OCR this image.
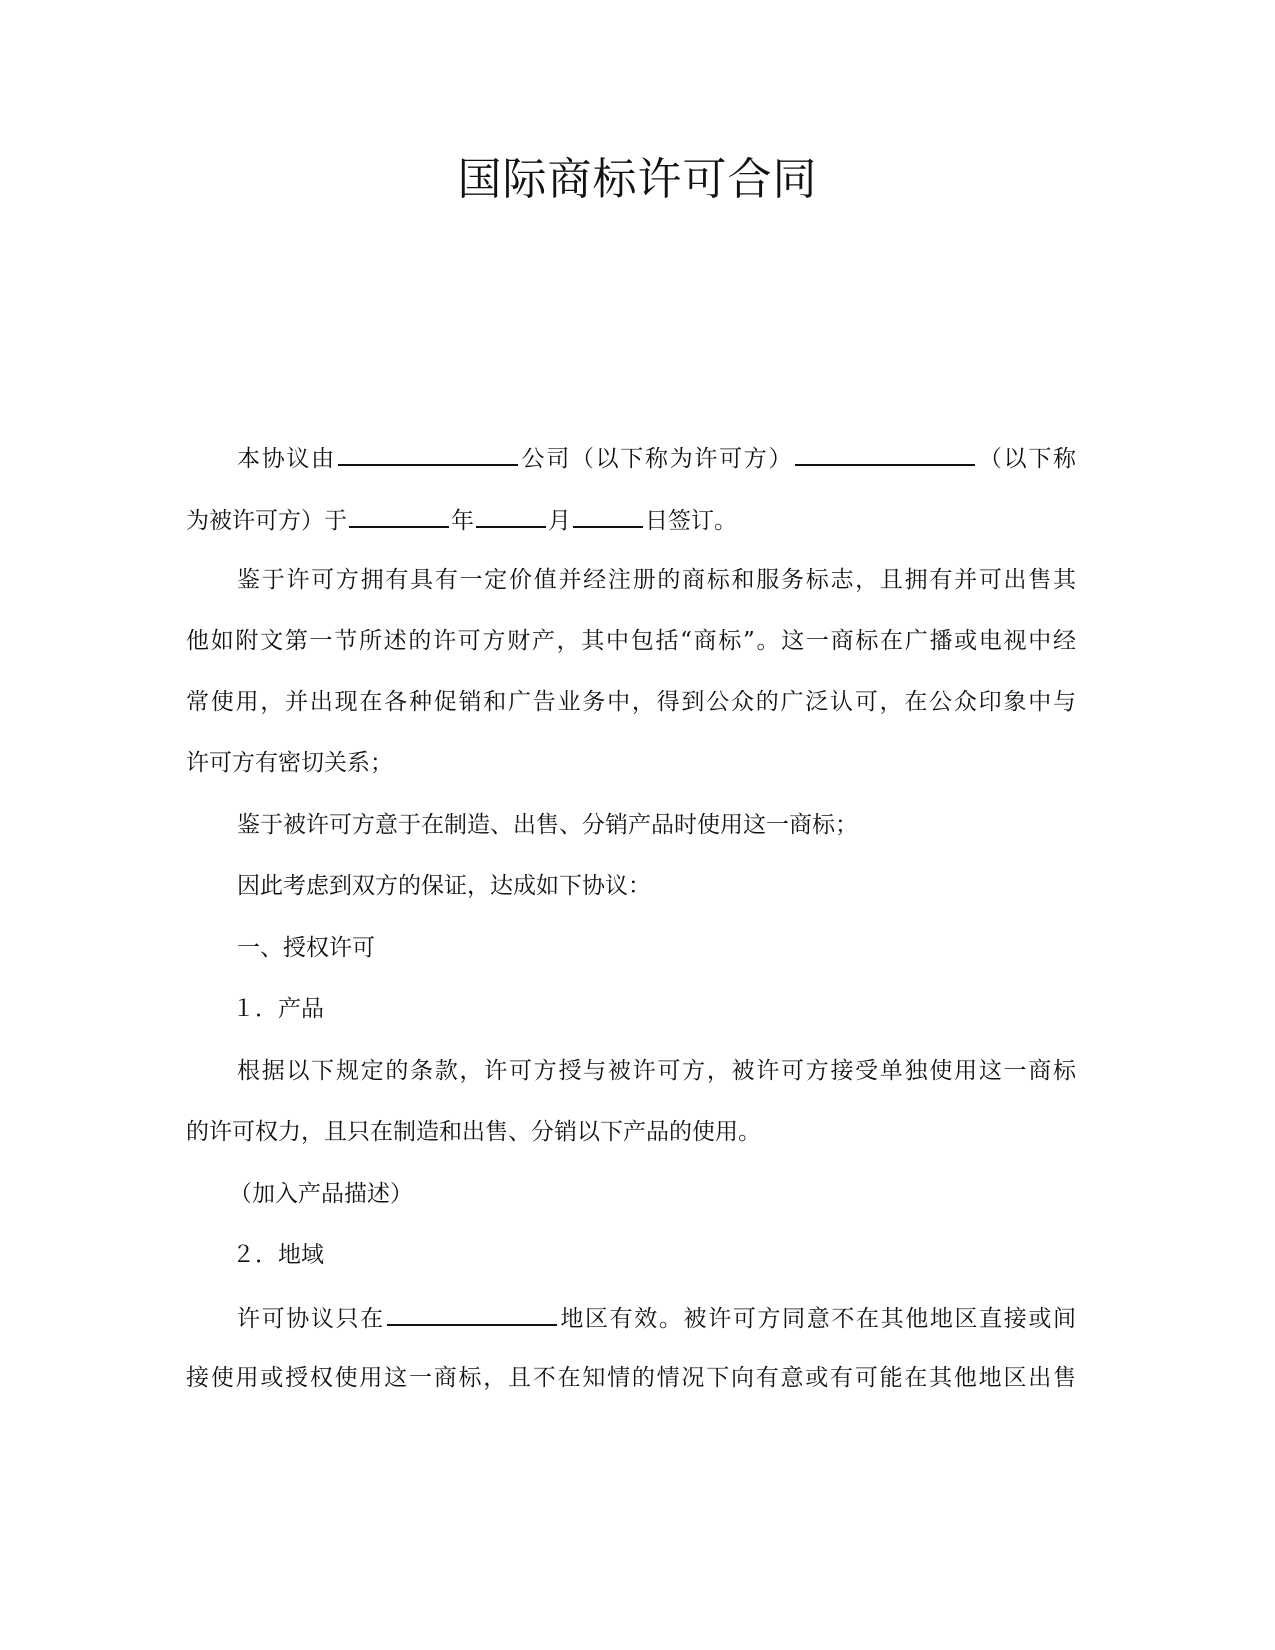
国际商标许可合同
本协议由	公司（以下称为许可方）	（以下称
为被许可方）于	年	月	日签订。
鉴于许可方拥有具有一定价值并经注册的商标和服务标志，且拥有并可出售其
他如附文第一节所述的许可方财产，其中包括“商标”。这一商标在广播或电视中经
常使用，并出现在各种促销和广告业务中，得到公众的广泛认可，在公众印象中与
许可方有密切关系；
鉴于被许可方意于在制造、出售、分销产品时使用这一商标；
因此考虑到双方的保证，达成如下协议：
一、授权许可
１．产品
根据以下规定的条款，许可方授与被许可方，被许可方接受单独使用这一商标
的许可权力，且只在制造和出售、分销以下产品的使用。
（加入产品描述）
２．地域
许可协议只在	地区有效。被许可方同意不在其他地区直接或间
接使用或授权使用这一商标，且不在知情的情况下向有意或有可能在其他地区出售
